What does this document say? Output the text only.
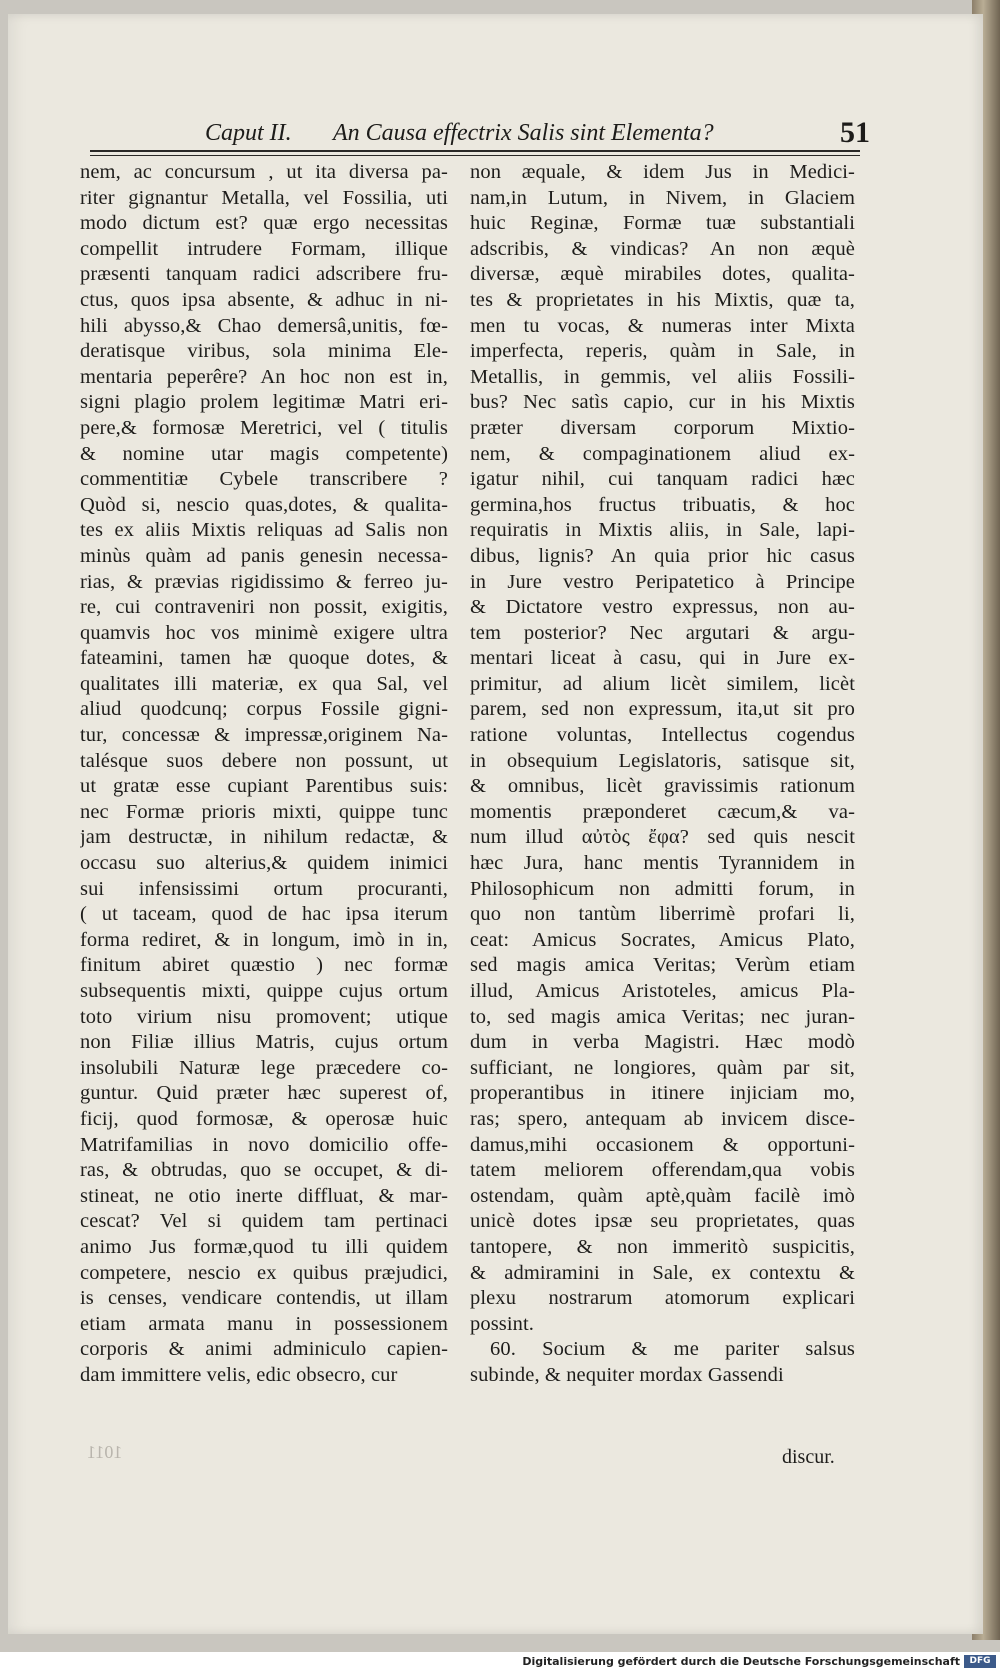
Caput II. An Causa effectrix Salis sint Elementa?	51
nem, ac concursum , ut ita diversa pa-
riter gignantur Metalla, vel Fossilia, uti
modo dictum est? quæ ergo necessitas
compellit intrudere Formam, illique
præsenti tanquam radici adscribere fru-
ctus, quos ipsa absente, & adhuc in ni-
hili abysso,& Chao demersâ,unitis, fœ-
deratisque viribus, sola minima Ele-
mentaria peperêre? An hoc non est in,
signi plagio prolem legitimæ Matri eri-
pere,& formosæ Meretrici, vel ( titulis
& nomine utar magis competente)
commentitiæ Cybele transcribere ?
Quòd si, nescio quas,dotes, & qualita-
tes ex aliis Mixtis reliquas ad Salis non
minùs quàm ad panis genesin necessa-
rias, & prævias rigidissimo & ferreo ju-
re, cui contraveniri non possit, exigitis,
quamvis hoc vos minimè exigere ultra
fateamini, tamen hæ quoque dotes, &
qualitates illi materiæ, ex qua Sal, vel
aliud quodcunq; corpus Fossile gigni-
tur, concessæ & impressæ,originem Na-
talésque suos debere non possunt, ut
ut gratæ esse cupiant Parentibus suis:
nec Formæ prioris mixti, quippe tunc
jam destructæ, in nihilum redactæ, &
occasu suo alterius,& quidem inimici
sui infensissimi ortum procuranti,
( ut taceam, quod de hac ipsa iterum
forma rediret, & in longum, imò in in,
finitum abiret quæstio ) nec formæ
subsequentis mixti, quippe cujus ortum
toto virium nisu promovent; utique
non Filiæ illius Matris, cujus ortum
insolubili Naturæ lege præcedere co-
guntur. Quid præter hæc superest of,
ficij, quod formosæ, & operosæ huic
Matrifamilias in novo domicilio offe-
ras, & obtrudas, quo se occupet, & di-
stineat, ne otio inerte diffluat, & mar-
cescat? Vel si quidem tam pertinaci
animo Jus formæ,quod tu illi quidem
competere, nescio ex quibus præjudici,
is censes, vendicare contendis, ut illam
etiam armata manu in possessionem
corporis & animi adminiculo capien-
dam immittere velis, edic obsecro, cur
non æquale, & idem Jus in Medici-
nam,in Lutum, in Nivem, in Glaciem
huic Reginæ, Formæ tuæ substantiali
adscribis, & vindicas? An non æquè
diversæ, æquè mirabiles dotes, qualita-
tes & proprietates in his Mixtis, quæ ta,
men tu vocas, & numeras inter Mixta
imperfecta, reperis, quàm in Sale, in
Metallis, in gemmis, vel aliis Fossili-
bus? Nec satìs capio, cur in his Mixtis
præter diversam corporum Mixtio-
nem, & compaginationem aliud ex-
igatur nihil, cui tanquam radici hæc
germina,hos fructus tribuatis, & hoc
requiratis in Mixtis aliis, in Sale, lapi-
dibus, lignis? An quia prior hic casus
in Jure vestro Peripatetico à Principe
& Dictatore vestro expressus, non au-
tem posterior? Nec argutari & argu-
mentari liceat à casu, qui in Jure ex-
primitur, ad alium licèt similem, licèt
parem, sed non expressum, ita,ut sit pro
ratione voluntas, Intellectus cogendus
in obsequium Legislatoris, satisque sit,
& omnibus, licèt gravissimis rationum
momentis præponderet cæcum,& va-
num illud αὐτὸς ἔφα? sed quis nescit
hæc Jura, hanc mentis Tyrannidem in
Philosophicum non admitti forum, in
quo non tantùm liberrimè profari li,
ceat: Amicus Socrates, Amicus Plato,
sed magis amica Veritas; Verùm etiam
illud, Amicus Aristoteles, amicus Pla-
to, sed magis amica Veritas; nec juran-
dum in verba Magistri. Hæc modò
sufficiant, ne longiores, quàm par sit,
properantibus in itinere injiciam mo,
ras; spero, antequam ab invicem disce-
damus,mihi occasionem & opportuni-
tatem meliorem offerendam,qua vobis
ostendam, quàm aptè,quàm facilè imò
unicè dotes ipsæ seu proprietates, quas
tantopere, & non immeritò suspicitis,
& admiramini in Sale, ex contextu &
plexu nostrarum atomorum explicari
possint.
60. Socium & me pariter salsus
subinde, & nequiter mordax Gassendi
1011	discur.
Digitalisierung gefördert durch die Deutsche Forschungsgemeinschaft	DFG
